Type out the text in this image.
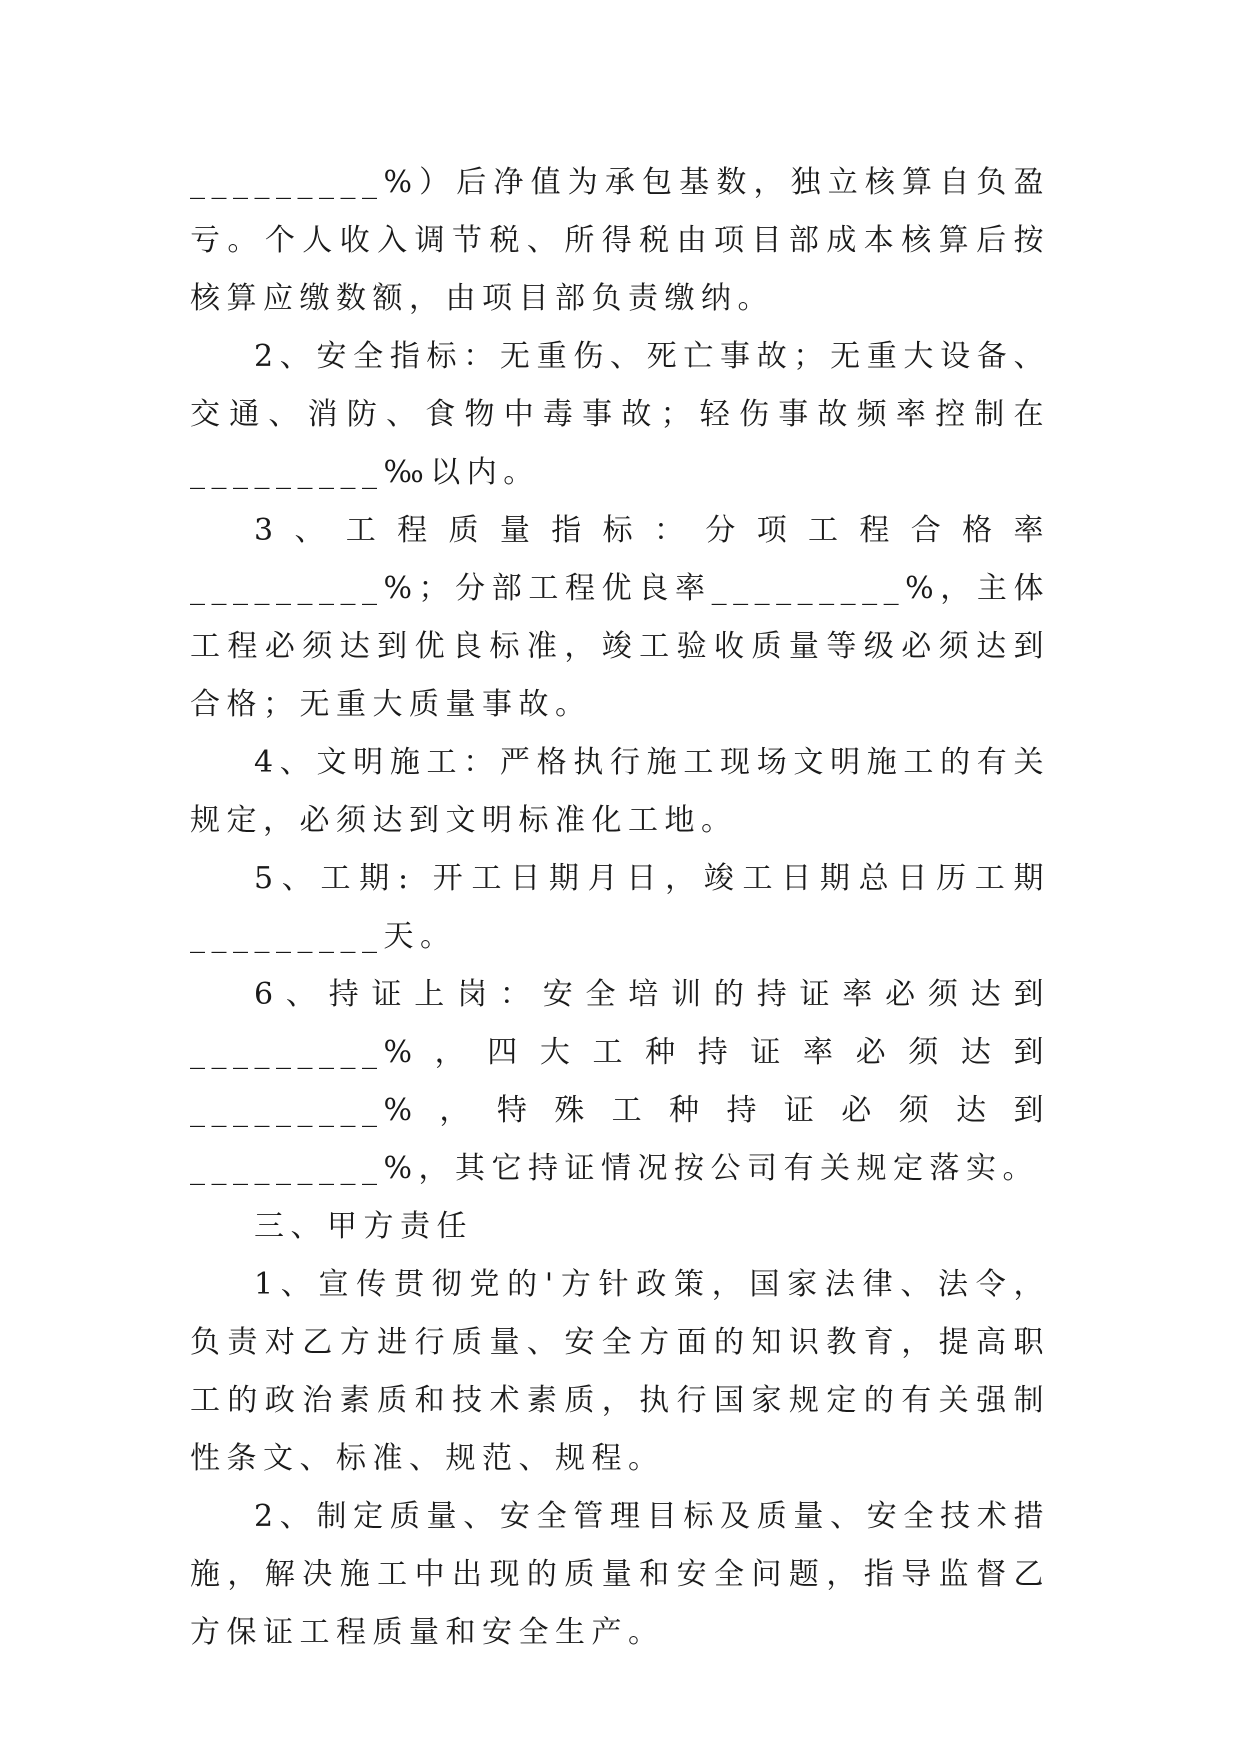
_________%）后净值为承包基数，独立核算自负盈亏。个人收入调节税、所得税由项目部成本核算后按核算应缴数额，由项目部负责缴纳。

2、安全指标：无重伤、死亡事故；无重大设备、交通、消防、食物中毒事故；轻伤事故频率控制在_________‰以内。

3、工程质量指标：分项工程合格率_________%；分部工程优良率_________%，主体工程必须达到优良标准，竣工验收质量等级必须达到合格；无重大质量事故。

4、文明施工：严格执行施工现场文明施工的有关规定，必须达到文明标准化工地。

5、工期: 开工日期月日，竣工日期总日历工期_________天。

6、持证上岗：安全培训的持证率必须达到_________%，四大工种持证率必须达到_________%，特殊工种持证必须达到_________%，其它持证情况按公司有关规定落实。

三、甲方责任

1、宣传贯彻党的'方针政策，国家法律、法令，负责对乙方进行质量、安全方面的知识教育，提高职工的政治素质和技术素质，执行国家规定的有关强制性条文、标准、规范、规程。

2、制定质量、安全管理目标及质量、安全技术措施，解决施工中出现的质量和安全问题，指导监督乙方保证工程质量和安全生产。
